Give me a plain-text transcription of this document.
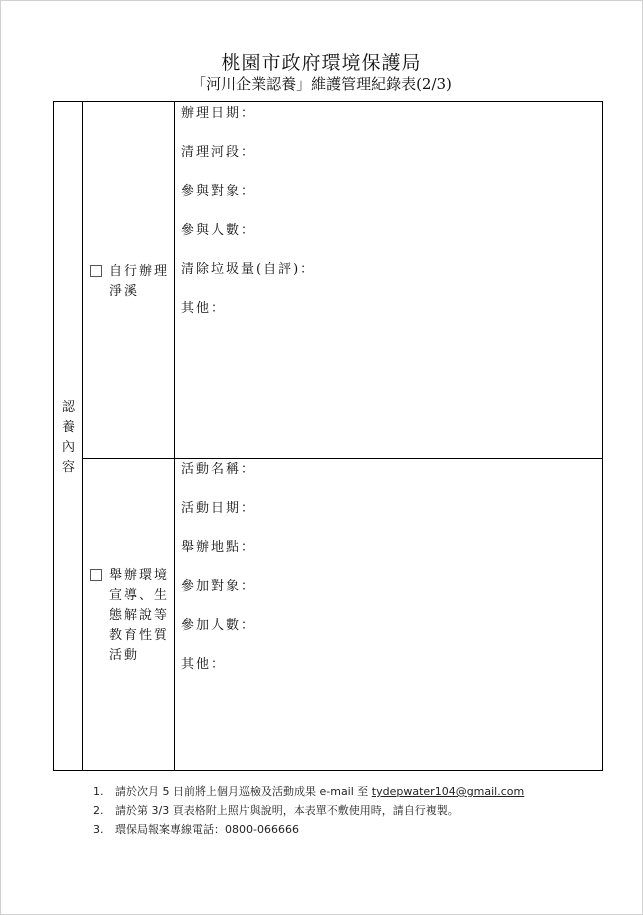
桃園市政府環境保護局
「河川企業認養」維護管理紀錄表(2/3)
認
養
內
容
自行辦理
淨溪
辦理日期：
清理河段：
參與對象：
參與人數：
清除垃圾量(自評)：
其他：
舉辦環境
宣導、生
態解說等
教育性質
活動
活動名稱：
活動日期：
舉辦地點：
參加對象：
參加人數：
其他：
1. 請於次月 5 日前將上個月巡檢及活動成果 e-mail 至 tydepwater104@gmail.com
2. 請於第 3/3 頁表格附上照片與說明，本表單不敷使用時，請自行複製。
3. 環保局報案專線電話：0800-066666
